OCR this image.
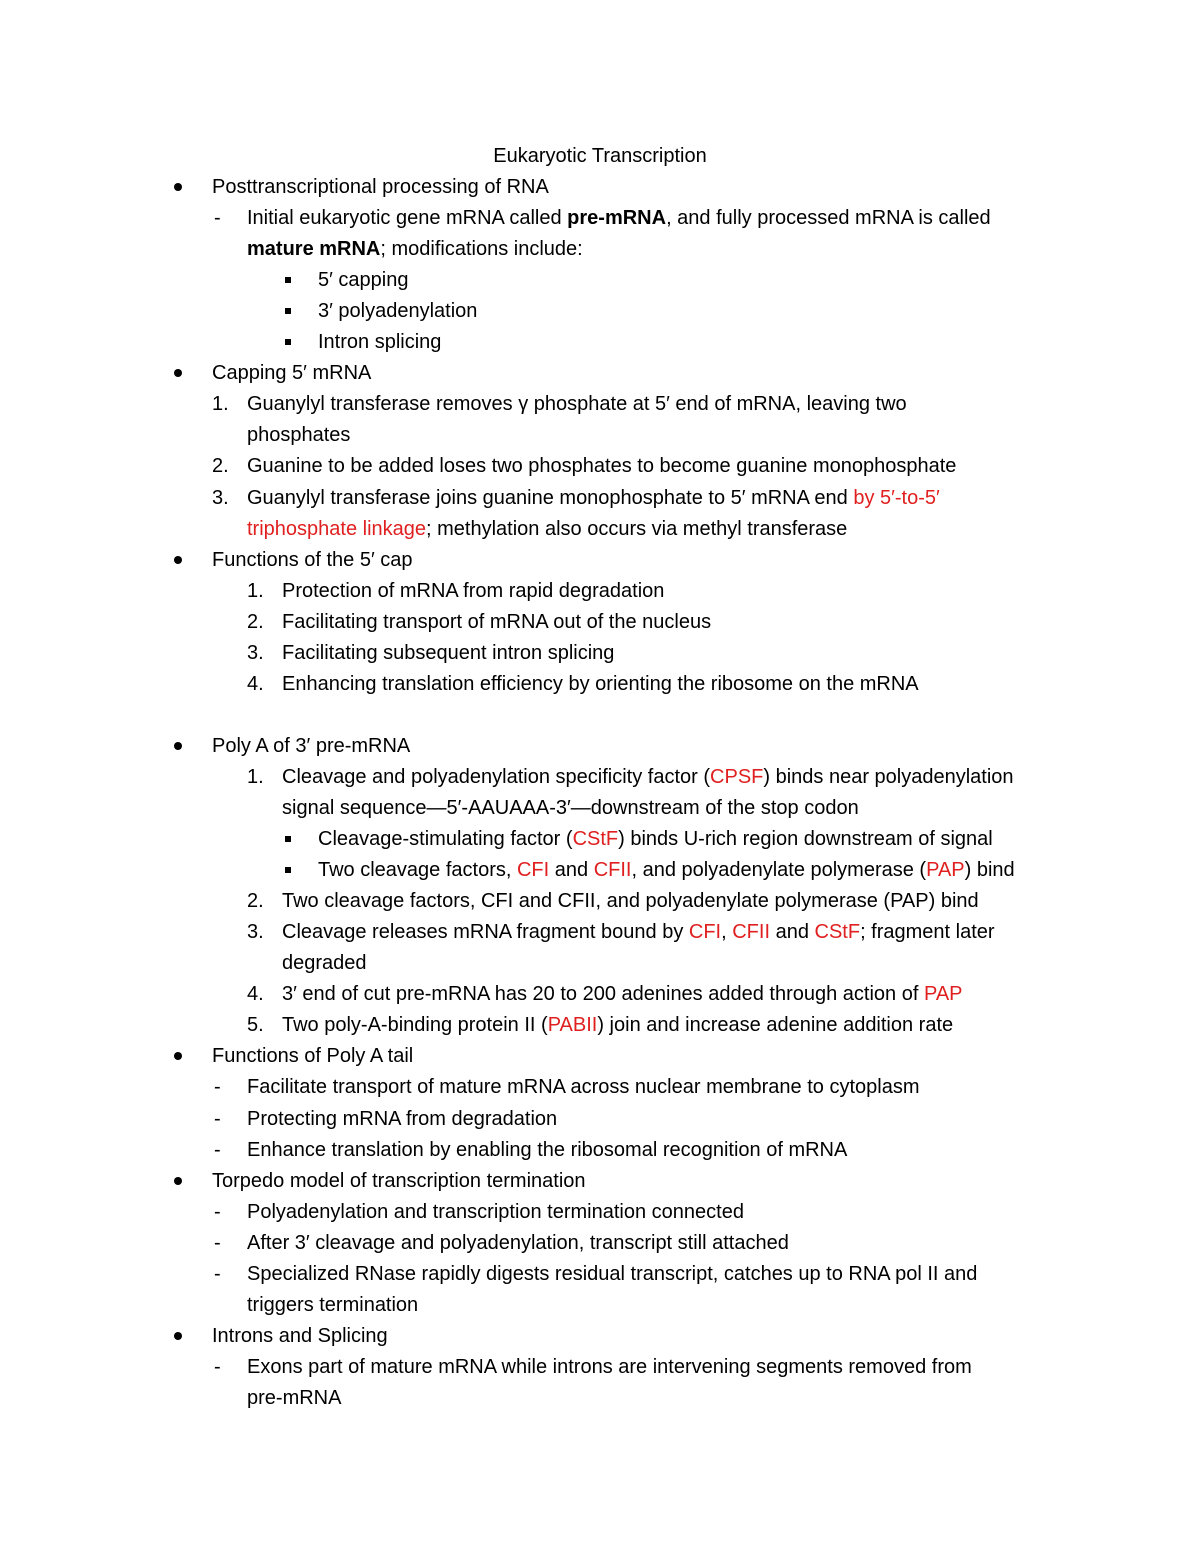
Eukaryotic Transcription
Posttranscriptional processing of RNA
- Initial eukaryotic gene mRNA called pre-mRNA, and fully processed mRNA is called
mature mRNA; modifications include:
5′ capping
3′ polyadenylation
Intron splicing
Capping 5′ mRNA
1. Guanylyl transferase removes γ phosphate at 5′ end of mRNA, leaving two
phosphates
2. Guanine to be added loses two phosphates to become guanine monophosphate
3. Guanylyl transferase joins guanine monophosphate to 5′ mRNA end by 5′-to-5′
triphosphate linkage; methylation also occurs via methyl transferase
Functions of the 5′ cap
1. Protection of mRNA from rapid degradation
2. Facilitating transport of mRNA out of the nucleus
3. Facilitating subsequent intron splicing
4. Enhancing translation efficiency by orienting the ribosome on the mRNA
Poly A of 3′ pre-mRNA
1. Cleavage and polyadenylation specificity factor (CPSF) binds near polyadenylation
signal sequence—5′-AAUAAA-3′—downstream of the stop codon
Cleavage-stimulating factor (CStF) binds U-rich region downstream of signal
Two cleavage factors, CFI and CFII, and polyadenylate polymerase (PAP) bind
2. Two cleavage factors, CFI and CFII, and polyadenylate polymerase (PAP) bind
3. Cleavage releases mRNA fragment bound by CFI, CFII and CStF; fragment later
degraded
4. 3′ end of cut pre-mRNA has 20 to 200 adenines added through action of PAP
5. Two poly-A-binding protein II (PABII) join and increase adenine addition rate
Functions of Poly A tail
- Facilitate transport of mature mRNA across nuclear membrane to cytoplasm
- Protecting mRNA from degradation
- Enhance translation by enabling the ribosomal recognition of mRNA
Torpedo model of transcription termination
- Polyadenylation and transcription termination connected
- After 3′ cleavage and polyadenylation, transcript still attached
- Specialized RNase rapidly digests residual transcript, catches up to RNA pol II and
triggers termination
Introns and Splicing
- Exons part of mature mRNA while introns are intervening segments removed from
pre-mRNA
